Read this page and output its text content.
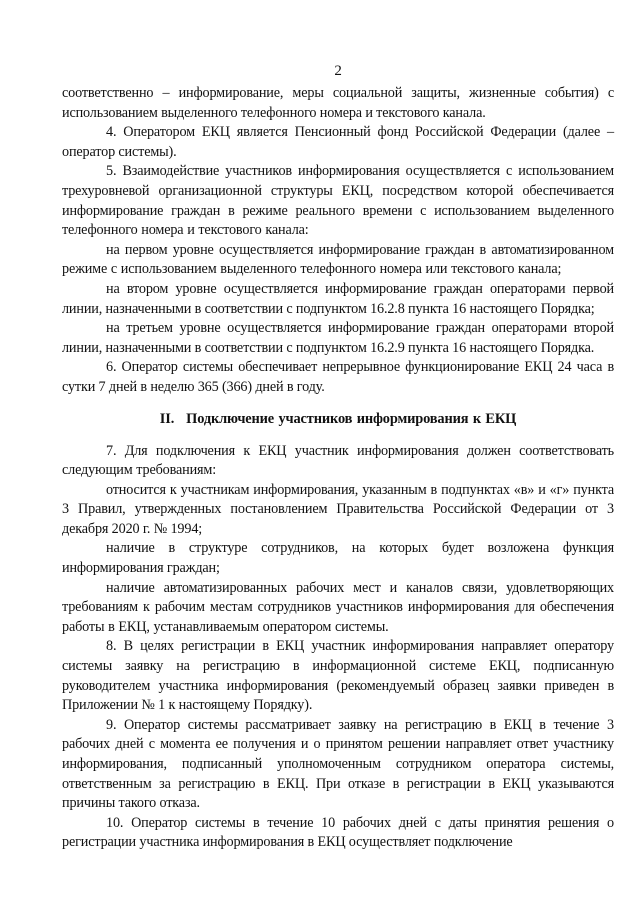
2

соответственно – информирование, меры социальной защиты, жизненные события) с использованием выделенного телефонного номера и текстового канала.

4. Оператором ЕКЦ является Пенсионный фонд Российской Федерации (далее – оператор системы).

5. Взаимодействие участников информирования осуществляется с использованием трехуровневой организационной структуры ЕКЦ, посредством которой обеспечивается информирование граждан в режиме реального времени с использованием выделенного телефонного номера и текстового канала:

на первом уровне осуществляется информирование граждан в автоматизированном режиме с использованием выделенного телефонного номера или текстового канала;

на втором уровне осуществляется информирование граждан операторами первой линии, назначенными в соответствии с подпунктом 16.2.8 пункта 16 настоящего Порядка;

на третьем уровне осуществляется информирование граждан операторами второй линии, назначенными в соответствии с подпунктом 16.2.9 пункта 16 настоящего Порядка.

6. Оператор системы обеспечивает непрерывное функционирование ЕКЦ 24 часа в сутки 7 дней в неделю 365 (366) дней в году.

II. Подключение участников информирования к ЕКЦ

7. Для подключения к ЕКЦ участник информирования должен соответствовать следующим требованиям:

относится к участникам информирования, указанным в подпунктах «в» и «г» пункта 3 Правил, утвержденных постановлением Правительства Российской Федерации от 3 декабря 2020 г. № 1994;

наличие в структуре сотрудников, на которых будет возложена функция информирования граждан;

наличие автоматизированных рабочих мест и каналов связи, удовлетворяющих требованиям к рабочим местам сотрудников участников информирования для обеспечения работы в ЕКЦ, устанавливаемым оператором системы.

8. В целях регистрации в ЕКЦ участник информирования направляет оператору системы заявку на регистрацию в информационной системе ЕКЦ, подписанную руководителем участника информирования (рекомендуемый образец заявки приведен в Приложении № 1 к настоящему Порядку).

9. Оператор системы рассматривает заявку на регистрацию в ЕКЦ в течение 3 рабочих дней с момента ее получения и о принятом решении направляет ответ участнику информирования, подписанный уполномоченным сотрудником оператора системы, ответственным за регистрацию в ЕКЦ. При отказе в регистрации в ЕКЦ указываются причины такого отказа.

10. Оператор системы в течение 10 рабочих дней с даты принятия решения о регистрации участника информирования в ЕКЦ осуществляет подключение
